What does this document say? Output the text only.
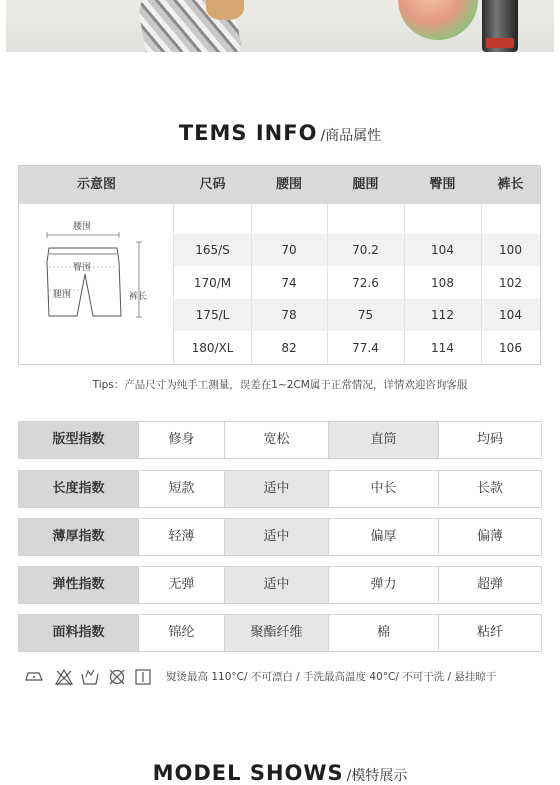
TEMS INFO /商品属性
示意图	尺码	腰围	腿围	臀围	裤长
腰围
臀围
腿围	裤长
165/S	70	70.2	104	100
170/M	74	72.6	108	102
175/L	78	75	112	104
180/XL	82	77.4	114	106
Tips：产品尺寸为纯手工测量，误差在1~2CM属于正常情况，详情欢迎咨询客服
版型指数	修身	宽松	直筒	均码
长度指数	短款	适中	中长	长款
薄厚指数	轻薄	适中	偏厚	偏薄
弹性指数	无弹	适中	弹力	超弹
面料指数	锦纶	聚酯纤维	棉	粘纤
熨烫最高 110°C/ 不可漂白 / 手洗最高温度 40°C/ 不可干洗 / 悬挂晾干
MODEL SHOWS /模特展示
